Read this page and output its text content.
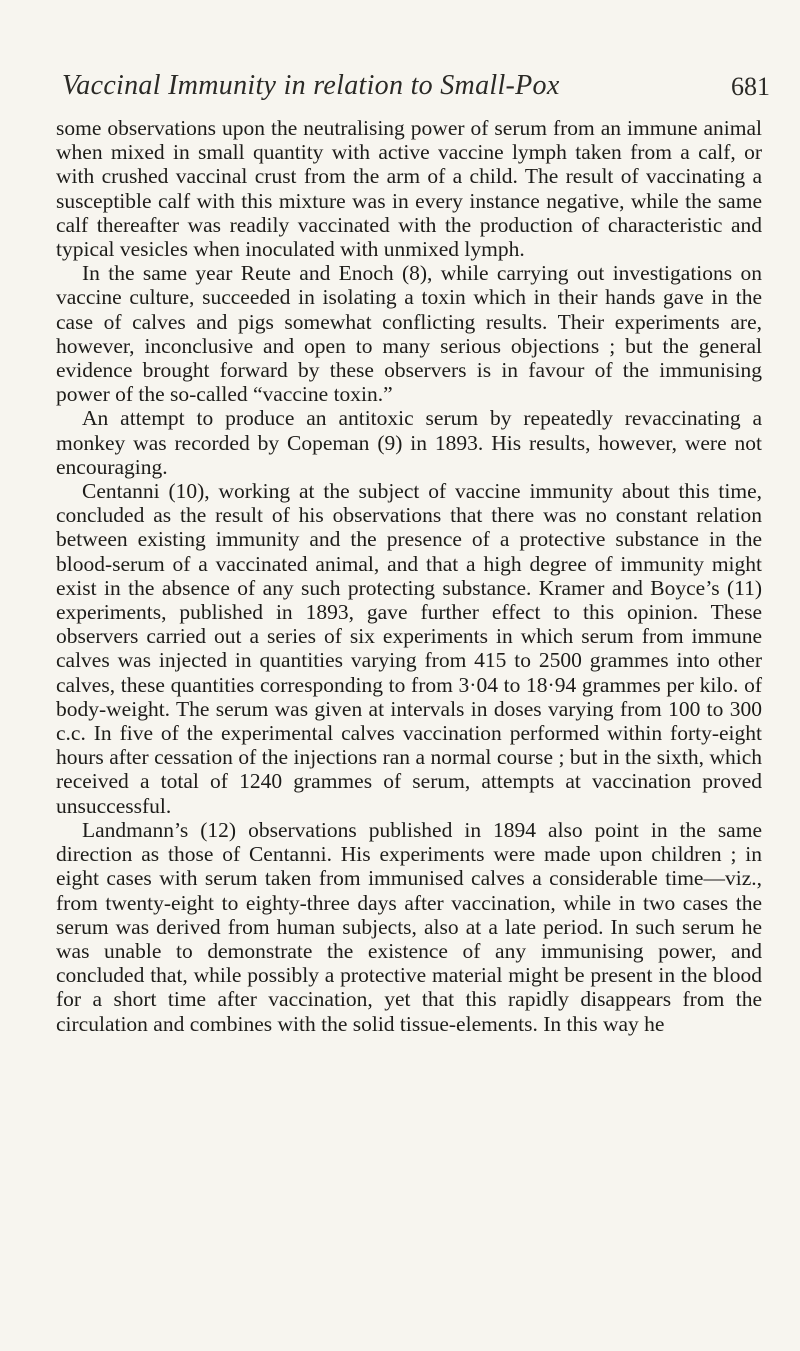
Vaccinal Immunity in relation to Small-Pox	681

some observations upon the neutralising power of serum from an immune animal when mixed in small quantity with active vaccine lymph taken from a calf, or with crushed vaccinal crust from the arm of a child. The result of vaccinating a susceptible calf with this mixture was in every instance negative, while the same calf thereafter was readily vaccinated with the production of characteristic and typical vesicles when inoculated with unmixed lymph.

In the same year Reute and Enoch (8), while carrying out investigations on vaccine culture, succeeded in isolating a toxin which in their hands gave in the case of calves and pigs somewhat conflicting results. Their experiments are, however, inconclusive and open to many serious objections ; but the general evidence brought forward by these observers is in favour of the immunising power of the so-called “vaccine toxin.”

An attempt to produce an antitoxic serum by repeatedly revaccinating a monkey was recorded by Copeman (9) in 1893. His results, however, were not encouraging.

Centanni (10), working at the subject of vaccine immunity about this time, concluded as the result of his observations that there was no constant relation between existing immunity and the presence of a protective substance in the blood-serum of a vaccinated animal, and that a high degree of immunity might exist in the absence of any such protecting substance. Kramer and Boyce’s (11) experiments, published in 1893, gave further effect to this opinion. These observers carried out a series of six experiments in which serum from immune calves was injected in quantities varying from 415 to 2500 grammes into other calves, these quantities corresponding to from 3·04 to 18·94 grammes per kilo. of body-weight. The serum was given at intervals in doses varying from 100 to 300 c.c. In five of the experimental calves vaccination performed within forty-eight hours after cessation of the injections ran a normal course ; but in the sixth, which received a total of 1240 grammes of serum, attempts at vaccination proved unsuccessful.

Landmann’s (12) observations published in 1894 also point in the same direction as those of Centanni. His experiments were made upon children ; in eight cases with serum taken from immunised calves a considerable time—viz., from twenty-eight to eighty-three days after vaccination, while in two cases the serum was derived from human subjects, also at a late period. In such serum he was unable to demonstrate the existence of any immunising power, and concluded that, while possibly a protective material might be present in the blood for a short time after vaccination, yet that this rapidly disappears from the circulation and combines with the solid tissue-elements. In this way he
